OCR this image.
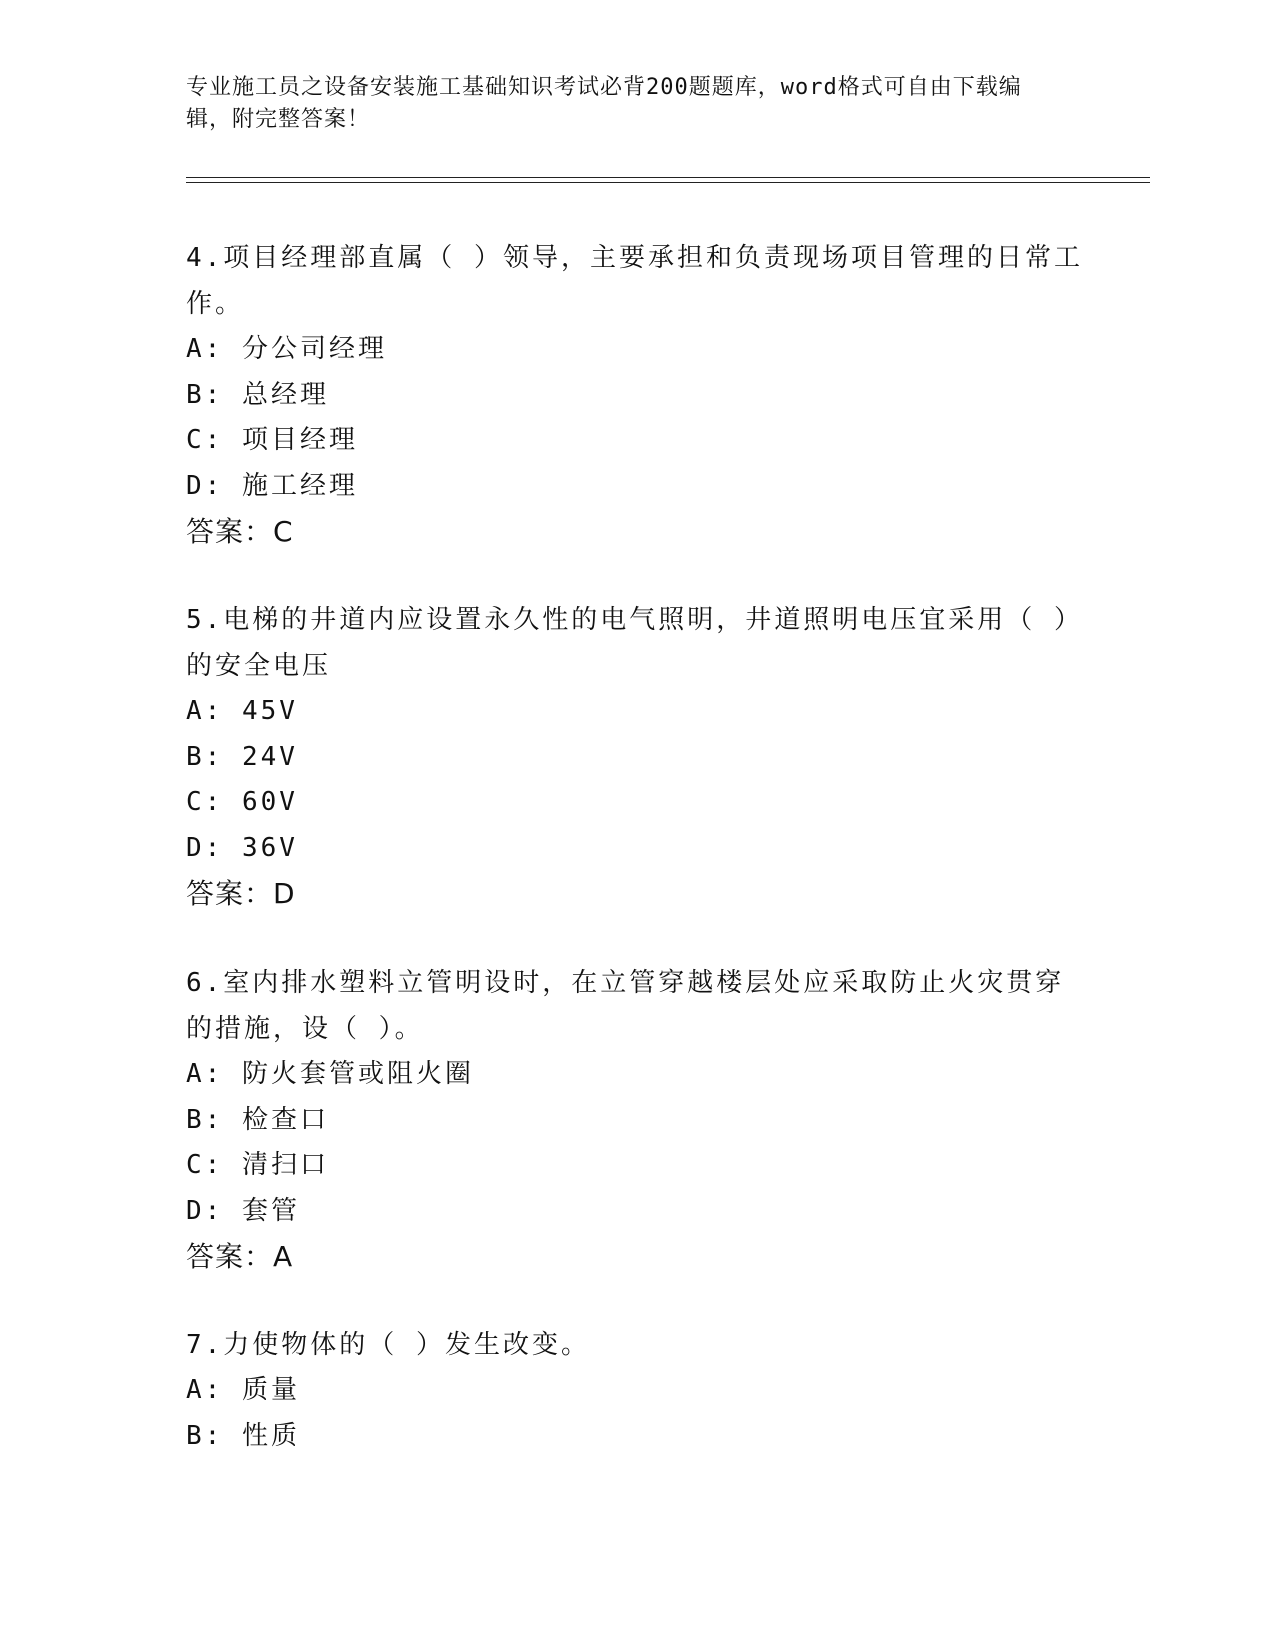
专业施工员之设备安装施工基础知识考试必背200题题库，word格式可自由下载编辑，附完整答案！
4.项目经理部直属（ ）领导，主要承担和负责现场项目管理的日常工作。
A: 分公司经理
B: 总经理
C: 项目经理
D: 施工经理
答案：C
5.电梯的井道内应设置永久性的电气照明，井道照明电压宜采用（ ）的安全电压
A: 45V
B: 24V
C: 60V
D: 36V
答案：D
6.室内排水塑料立管明设时，在立管穿越楼层处应采取防止火灾贯穿的措施，设（ ）。
A: 防火套管或阻火圈
B: 检查口
C: 清扫口
D: 套管
答案：A
7.力使物体的（ ）发生改变。
A: 质量
B: 性质
